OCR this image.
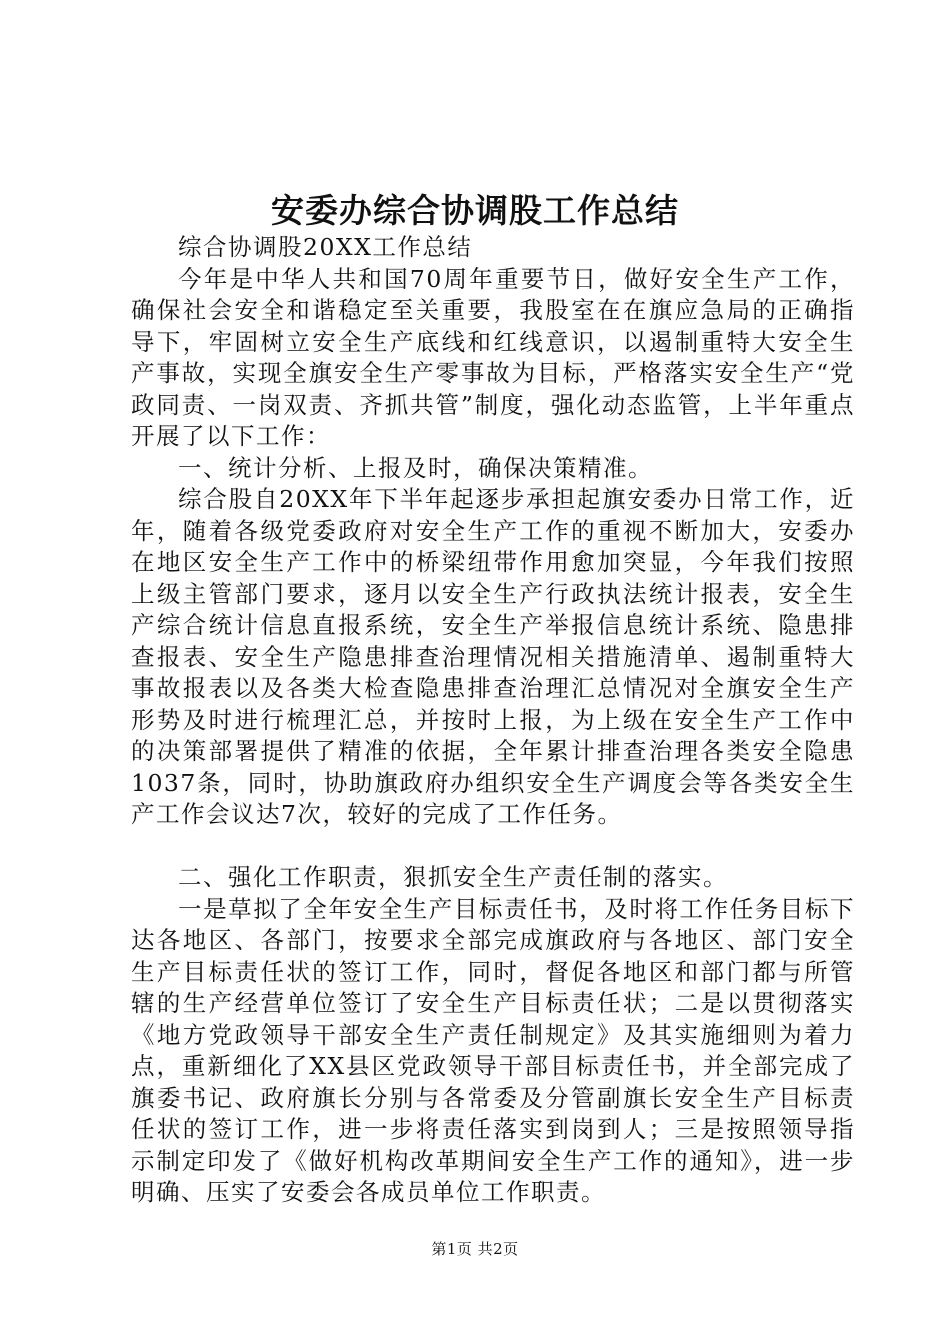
安委办综合协调股工作总结

综合协调股20XX工作总结

今年是中华人共和国70周年重要节日，做好安全生产工作，确保社会安全和谐稳定至关重要，我股室在在旗应急局的正确指导下，牢固树立安全生产底线和红线意识，以遏制重特大安全生产事故，实现全旗安全生产零事故为目标，严格落实安全生产“党政同责、一岗双责、齐抓共管”制度，强化动态监管，上半年重点开展了以下工作：

一、统计分析、上报及时，确保决策精准。

综合股自20XX年下半年起逐步承担起旗安委办日常工作，近年，随着各级党委政府对安全生产工作的重视不断加大，安委办在地区安全生产工作中的桥梁纽带作用愈加突显，今年我们按照上级主管部门要求，逐月以安全生产行政执法统计报表，安全生产综合统计信息直报系统，安全生产举报信息统计系统、隐患排查报表、安全生产隐患排查治理情况相关措施清单、遏制重特大事故报表以及各类大检查隐患排查治理汇总情况对全旗安全生产形势及时进行梳理汇总，并按时上报，为上级在安全生产工作中的决策部署提供了精准的依据，全年累计排查治理各类安全隐患1037条，同时，协助旗政府办组织安全生产调度会等各类安全生产工作会议达7次，较好的完成了工作任务。

二、强化工作职责，狠抓安全生产责任制的落实。

一是草拟了全年安全生产目标责任书，及时将工作任务目标下达各地区、各部门，按要求全部完成旗政府与各地区、部门安全生产目标责任状的签订工作，同时，督促各地区和部门都与所管辖的生产经营单位签订了安全生产目标责任状；二是以贯彻落实《地方党政领导干部安全生产责任制规定》及其实施细则为着力点，重新细化了XX县区党政领导干部目标责任书，并全部完成了旗委书记、政府旗长分别与各常委及分管副旗长安全生产目标责任状的签订工作，进一步将责任落实到岗到人；三是按照领导指示制定印发了《做好机构改革期间安全生产工作的通知》，进一步明确、压实了安委会各成员单位工作职责。

第1页 共2页
